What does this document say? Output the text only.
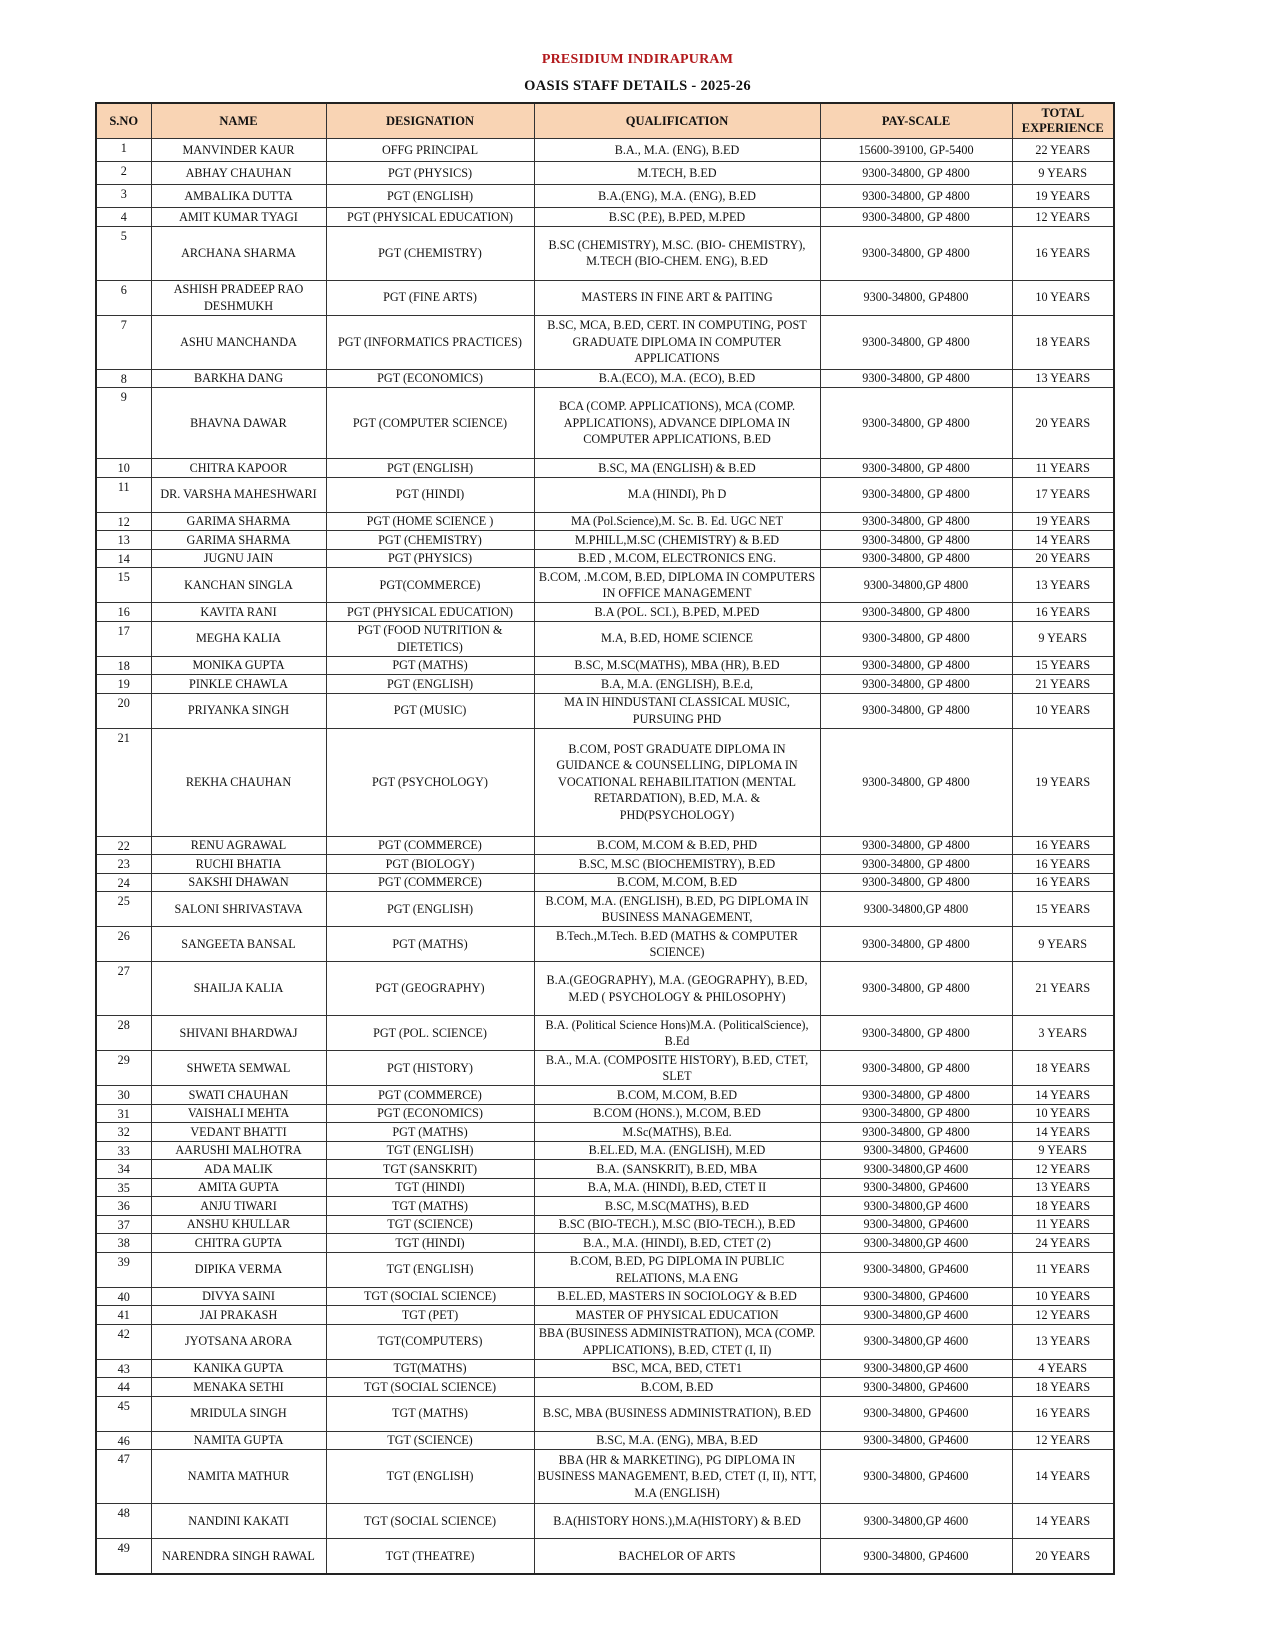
PRESIDIUM INDIRAPURAM
OASIS STAFF DETAILS - 2025-26
S.NO	NAME	DESIGNATION	QUALIFICATION	PAY-SCALE	TOTAL EXPERIENCE
1	MANVINDER KAUR	OFFG PRINCIPAL	B.A., M.A. (ENG), B.ED	15600-39100, GP-5400	22 YEARS
2	ABHAY CHAUHAN	PGT (PHYSICS)	M.TECH, B.ED	9300-34800, GP 4800	9 YEARS
3	AMBALIKA DUTTA	PGT (ENGLISH)	B.A.(ENG), M.A. (ENG), B.ED	9300-34800, GP 4800	19 YEARS
4	AMIT KUMAR TYAGI	PGT (PHYSICAL EDUCATION)	B.SC (P.E), B.PED, M.PED	9300-34800, GP 4800	12 YEARS
5	ARCHANA SHARMA	PGT (CHEMISTRY)	B.SC (CHEMISTRY), M.SC. (BIO- CHEMISTRY), M.TECH (BIO-CHEM. ENG), B.ED	9300-34800, GP 4800	16 YEARS
6	ASHISH PRADEEP RAO DESHMUKH	PGT (FINE ARTS)	MASTERS IN FINE ART & PAITING	9300-34800, GP4800	10 YEARS
7	ASHU MANCHANDA	PGT (INFORMATICS PRACTICES)	B.SC, MCA, B.ED, CERT. IN COMPUTING, POST GRADUATE DIPLOMA IN COMPUTER APPLICATIONS	9300-34800, GP 4800	18 YEARS
8	BARKHA DANG	PGT (ECONOMICS)	B.A.(ECO), M.A. (ECO), B.ED	9300-34800, GP 4800	13 YEARS
9	BHAVNA DAWAR	PGT (COMPUTER SCIENCE)	BCA (COMP. APPLICATIONS), MCA (COMP. APPLICATIONS), ADVANCE DIPLOMA IN COMPUTER APPLICATIONS, B.ED	9300-34800, GP 4800	20 YEARS
10	CHITRA KAPOOR	PGT (ENGLISH)	B.SC, MA (ENGLISH) & B.ED	9300-34800, GP 4800	11 YEARS
11	DR. VARSHA MAHESHWARI	PGT (HINDI)	M.A (HINDI), Ph D	9300-34800, GP 4800	17 YEARS
12	GARIMA SHARMA	PGT (HOME SCIENCE )	MA (Pol.Science),M. Sc. B. Ed. UGC NET	9300-34800, GP 4800	19 YEARS
13	GARIMA SHARMA	PGT (CHEMISTRY)	M.PHILL,M.SC (CHEMISTRY) & B.ED	9300-34800, GP 4800	14 YEARS
14	JUGNU JAIN	PGT (PHYSICS)	B.ED , M.COM, ELECTRONICS ENG.	9300-34800, GP 4800	20 YEARS
15	KANCHAN SINGLA	PGT(COMMERCE)	B.COM, .M.COM, B.ED, DIPLOMA IN COMPUTERS IN OFFICE MANAGEMENT	9300-34800,GP 4800	13 YEARS
16	KAVITA RANI	PGT (PHYSICAL EDUCATION)	B.A (POL. SCI.), B.PED, M.PED	9300-34800, GP 4800	16 YEARS
17	MEGHA KALIA	PGT (FOOD NUTRITION & DIETETICS)	M.A, B.ED, HOME SCIENCE	9300-34800, GP 4800	9 YEARS
18	MONIKA GUPTA	PGT (MATHS)	B.SC, M.SC(MATHS), MBA (HR), B.ED	9300-34800, GP 4800	15 YEARS
19	PINKLE CHAWLA	PGT (ENGLISH)	B.A, M.A. (ENGLISH), B.E.d,	9300-34800, GP 4800	21 YEARS
20	PRIYANKA SINGH	PGT (MUSIC)	MA IN HINDUSTANI CLASSICAL MUSIC, PURSUING PHD	9300-34800, GP 4800	10 YEARS
21	REKHA CHAUHAN	PGT (PSYCHOLOGY)	B.COM, POST GRADUATE DIPLOMA IN GUIDANCE & COUNSELLING, DIPLOMA IN VOCATIONAL REHABILITATION (MENTAL RETARDATION), B.ED, M.A. & PHD(PSYCHOLOGY)	9300-34800, GP 4800	19 YEARS
22	RENU AGRAWAL	PGT (COMMERCE)	B.COM, M.COM & B.ED, PHD	9300-34800, GP 4800	16 YEARS
23	RUCHI BHATIA	PGT (BIOLOGY)	B.SC, M.SC (BIOCHEMISTRY), B.ED	9300-34800, GP 4800	16 YEARS
24	SAKSHI DHAWAN	PGT (COMMERCE)	B.COM, M.COM, B.ED	9300-34800, GP 4800	16 YEARS
25	SALONI SHRIVASTAVA	PGT (ENGLISH)	B.COM, M.A. (ENGLISH), B.ED, PG DIPLOMA IN BUSINESS MANAGEMENT,	9300-34800,GP 4800	15 YEARS
26	SANGEETA BANSAL	PGT (MATHS)	B.Tech.,M.Tech. B.ED (MATHS & COMPUTER SCIENCE)	9300-34800, GP 4800	9 YEARS
27	SHAILJA KALIA	PGT (GEOGRAPHY)	B.A.(GEOGRAPHY), M.A. (GEOGRAPHY), B.ED, M.ED ( PSYCHOLOGY & PHILOSOPHY)	9300-34800, GP 4800	21 YEARS
28	SHIVANI BHARDWAJ	PGT (POL. SCIENCE)	B.A. (Political Science Hons)M.A. (PoliticalScience), B.Ed	9300-34800, GP 4800	3 YEARS
29	SHWETA SEMWAL	PGT (HISTORY)	B.A., M.A. (COMPOSITE HISTORY), B.ED, CTET, SLET	9300-34800, GP 4800	18 YEARS
30	SWATI CHAUHAN	PGT (COMMERCE)	B.COM, M.COM, B.ED	9300-34800, GP 4800	14 YEARS
31	VAISHALI MEHTA	PGT (ECONOMICS)	B.COM (HONS.), M.COM, B.ED	9300-34800, GP 4800	10 YEARS
32	VEDANT BHATTI	PGT (MATHS)	M.Sc(MATHS), B.Ed.	9300-34800, GP 4800	14 YEARS
33	AARUSHI MALHOTRA	TGT (ENGLISH)	B.EL.ED, M.A. (ENGLISH), M.ED	9300-34800, GP4600	9 YEARS
34	ADA MALIK	TGT (SANSKRIT)	B.A. (SANSKRIT), B.ED, MBA	9300-34800,GP 4600	12 YEARS
35	AMITA GUPTA	TGT (HINDI)	B.A, M.A. (HINDI), B.ED, CTET II	9300-34800, GP4600	13 YEARS
36	ANJU TIWARI	TGT (MATHS)	B.SC, M.SC(MATHS), B.ED	9300-34800,GP 4600	18 YEARS
37	ANSHU KHULLAR	TGT (SCIENCE)	B.SC (BIO-TECH.), M.SC (BIO-TECH.), B.ED	9300-34800, GP4600	11 YEARS
38	CHITRA GUPTA	TGT (HINDI)	B.A., M.A. (HINDI), B.ED, CTET (2)	9300-34800,GP 4600	24 YEARS
39	DIPIKA VERMA	TGT (ENGLISH)	B.COM, B.ED, PG DIPLOMA IN PUBLIC RELATIONS, M.A ENG	9300-34800, GP4600	11 YEARS
40	DIVYA SAINI	TGT (SOCIAL SCIENCE)	B.EL.ED, MASTERS IN SOCIOLOGY & B.ED	9300-34800, GP4600	10 YEARS
41	JAI PRAKASH	TGT (PET)	MASTER OF PHYSICAL EDUCATION	9300-34800,GP 4600	12 YEARS
42	JYOTSANA ARORA	TGT(COMPUTERS)	BBA (BUSINESS ADMINISTRATION), MCA (COMP. APPLICATIONS), B.ED, CTET (I, II)	9300-34800,GP 4600	13 YEARS
43	KANIKA GUPTA	TGT(MATHS)	BSC, MCA, BED, CTET1	9300-34800,GP 4600	4 YEARS
44	MENAKA SETHI	TGT (SOCIAL SCIENCE)	B.COM, B.ED	9300-34800, GP4600	18 YEARS
45	MRIDULA SINGH	TGT (MATHS)	B.SC, MBA (BUSINESS ADMINISTRATION), B.ED	9300-34800, GP4600	16 YEARS
46	NAMITA GUPTA	TGT (SCIENCE)	B.SC, M.A. (ENG), MBA, B.ED	9300-34800, GP4600	12 YEARS
47	NAMITA MATHUR	TGT (ENGLISH)	BBA (HR & MARKETING), PG DIPLOMA IN BUSINESS MANAGEMENT, B.ED, CTET (I, II), NTT, M.A (ENGLISH)	9300-34800, GP4600	14 YEARS
48	NANDINI KAKATI	TGT (SOCIAL SCIENCE)	B.A(HISTORY HONS.),M.A(HISTORY) & B.ED	9300-34800,GP 4600	14 YEARS
49	NARENDRA SINGH RAWAL	TGT (THEATRE)	BACHELOR OF ARTS	9300-34800, GP4600	20 YEARS
